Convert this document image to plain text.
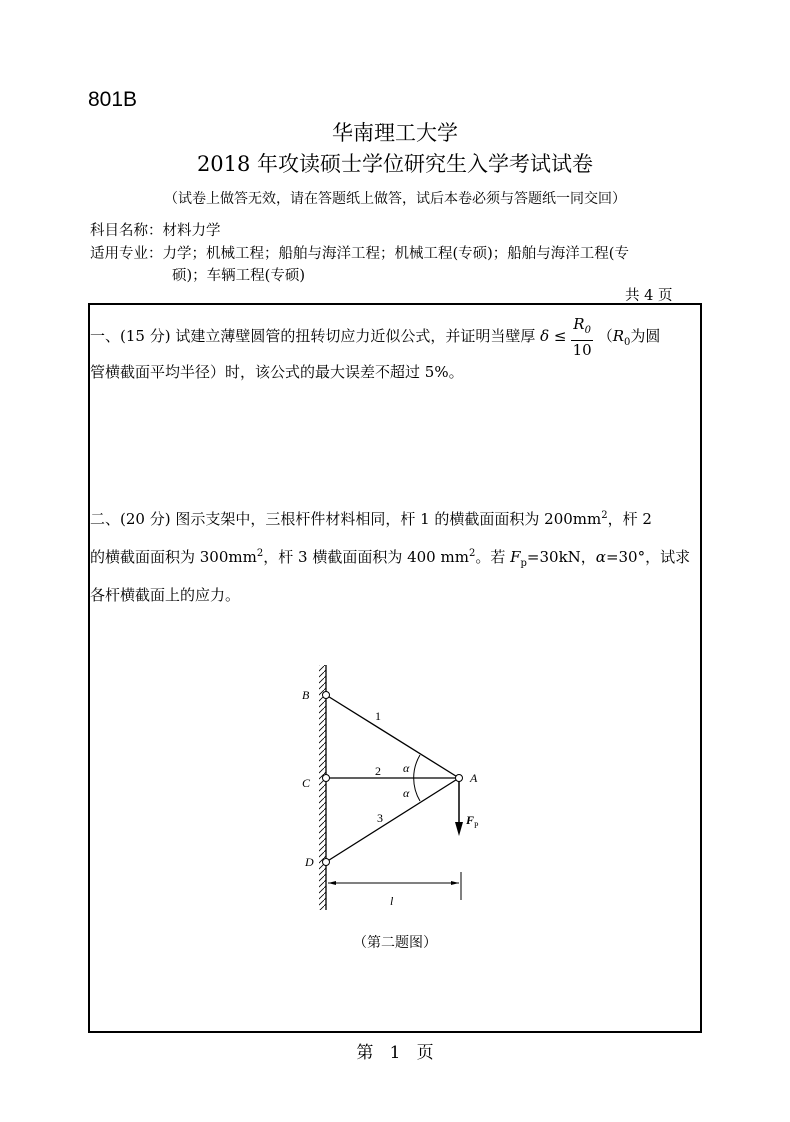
801B
华南理工大学
2018 年攻读硕士学位研究生入学考试试卷
（试卷上做答无效，请在答题纸上做答，试后本卷必须与答题纸一同交回）
科目名称：材料力学
适用专业：力学；机械工程；船舶与海洋工程；机械工程(专硕)；船舶与海洋工程(专
硕)；车辆工程(专硕)
共 4 页
一、(15 分) 试建立薄壁圆管的扭转切应力近似公式，并证明当壁厚 $\delta \le \frac{R_0}{10} (R_0$为圆
管横截面平均半径）时，该公式的最大误差不超过 5%。
二、(20 分) 图示支架中，三根杆件材料相同，杆 1 的横截面面积为 $200mm^2$，杆 2
的横截面面积为 $300mm^2$，杆 3 横截面面积为 400 $mm^2$。若 $F_p=30kN$，α=30°，试求
各杆横截面上的应力。
B
C
D
A
1
2
3
α
α
F P
l
（第二题图）
第   1   页
